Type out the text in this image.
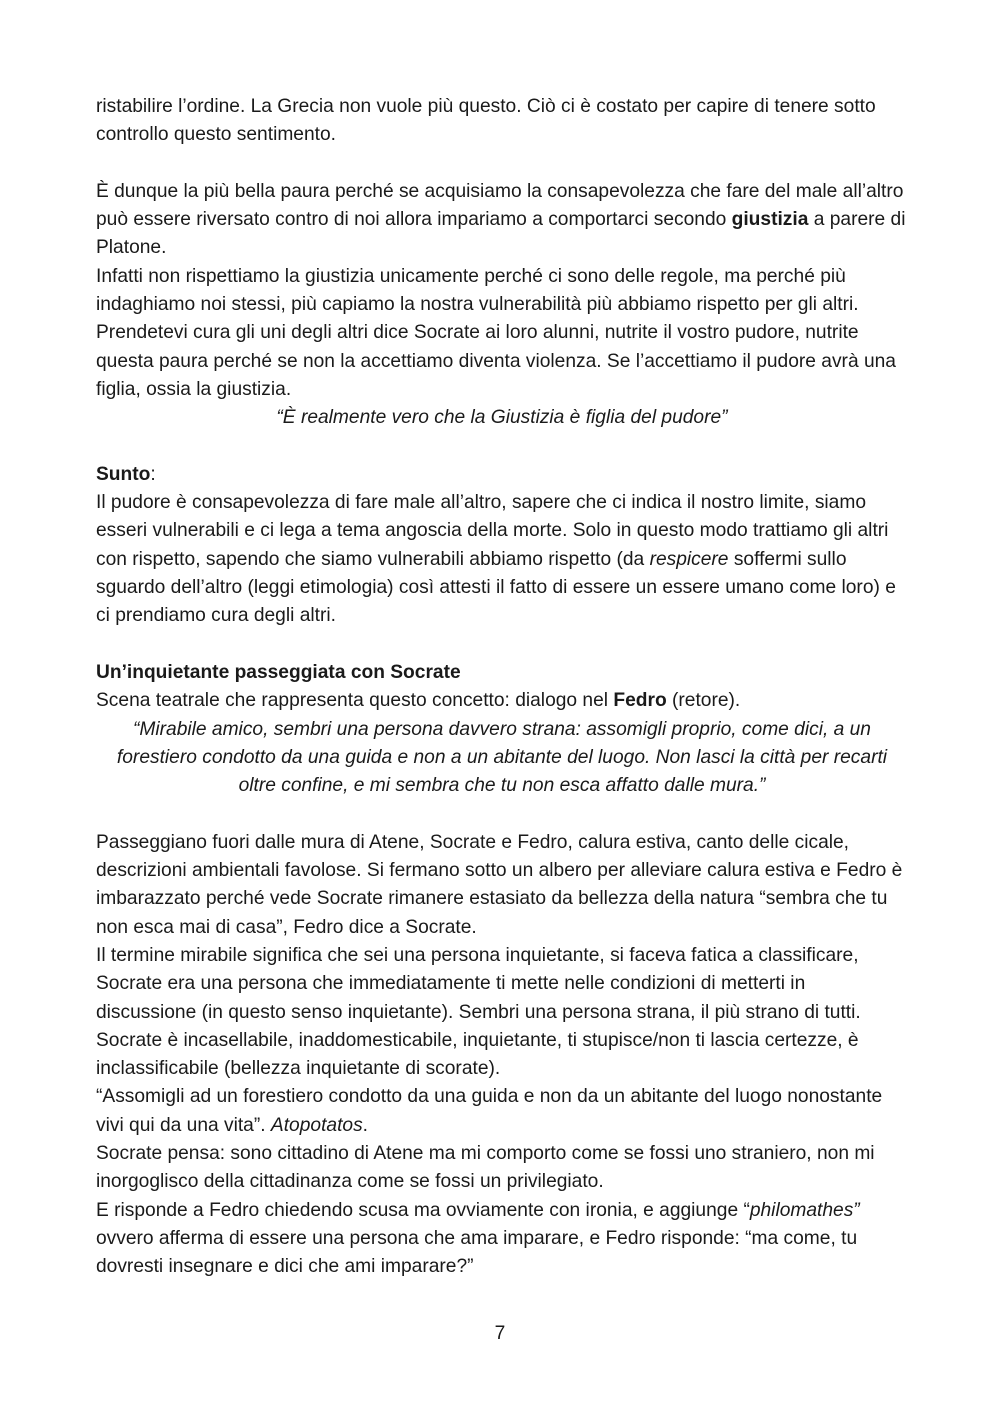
ristabilire l’ordine. La Grecia non vuole più questo. Ciò ci è costato per capire di tenere sotto controllo questo sentimento.

È dunque la più bella paura perché se acquisiamo la consapevolezza che fare del male all’altro può essere riversato contro di noi allora impariamo a comportarci secondo giustizia a parere di Platone.

Infatti non rispettiamo la giustizia unicamente perché ci sono delle regole, ma perché più indaghiamo noi stessi, più capiamo la nostra vulnerabilità più abbiamo rispetto per gli altri.

Prendetevi cura gli uni degli altri dice Socrate ai loro alunni, nutrite il vostro pudore, nutrite questa paura perché se non la accettiamo diventa violenza. Se l’accettiamo il pudore avrà una figlia, ossia la giustizia.

“È realmente vero che la Giustizia è figlia del pudore”

Sunto:

Il pudore è consapevolezza di fare male all’altro, sapere che ci indica il nostro limite, siamo esseri vulnerabili e ci lega a tema angoscia della morte. Solo in questo modo trattiamo gli altri con rispetto, sapendo che siamo vulnerabili abbiamo rispetto (da respicere soffermi sullo sguardo dell’altro (leggi etimologia) così attesti il fatto di essere un essere umano come loro) e ci prendiamo cura degli altri.

Un’inquietante passeggiata con Socrate

Scena teatrale che rappresenta questo concetto: dialogo nel Fedro (retore).

“Mirabile amico, sembri una persona davvero strana: assomigli proprio, come dici, a un forestiero condotto da una guida e non a un abitante del luogo. Non lasci la città per recarti oltre confine, e mi sembra che tu non esca affatto dalle mura.”

Passeggiano fuori dalle mura di Atene, Socrate e Fedro, calura estiva, canto delle cicale, descrizioni ambientali favolose. Si fermano sotto un albero per alleviare calura estiva e Fedro è imbarazzato perché vede Socrate rimanere estasiato da bellezza della natura “sembra che tu non esca mai di casa”, Fedro dice a Socrate.

Il termine mirabile significa che sei una persona inquietante, si faceva fatica a classificare, Socrate era una persona che immediatamente ti mette nelle condizioni di metterti in discussione (in questo senso inquietante). Sembri una persona strana, il più strano di tutti. Socrate è incasellabile, inaddomesticabile, inquietante, ti stupisce/non ti lascia certezze, è inclassificabile (bellezza inquietante di scorate).

“Assomigli ad un forestiero condotto da una guida e non da un abitante del luogo nonostante vivi qui da una vita”. Atopotatos.

Socrate pensa: sono cittadino di Atene ma mi comporto come se fossi uno straniero, non mi inorgoglisco della cittadinanza come se fossi un privilegiato.

E risponde a Fedro chiedendo scusa ma ovviamente con ironia, e aggiunge “philomathes” ovvero afferma di essere una persona che ama imparare, e Fedro risponde: “ma come, tu dovresti insegnare e dici che ami imparare?”

7
